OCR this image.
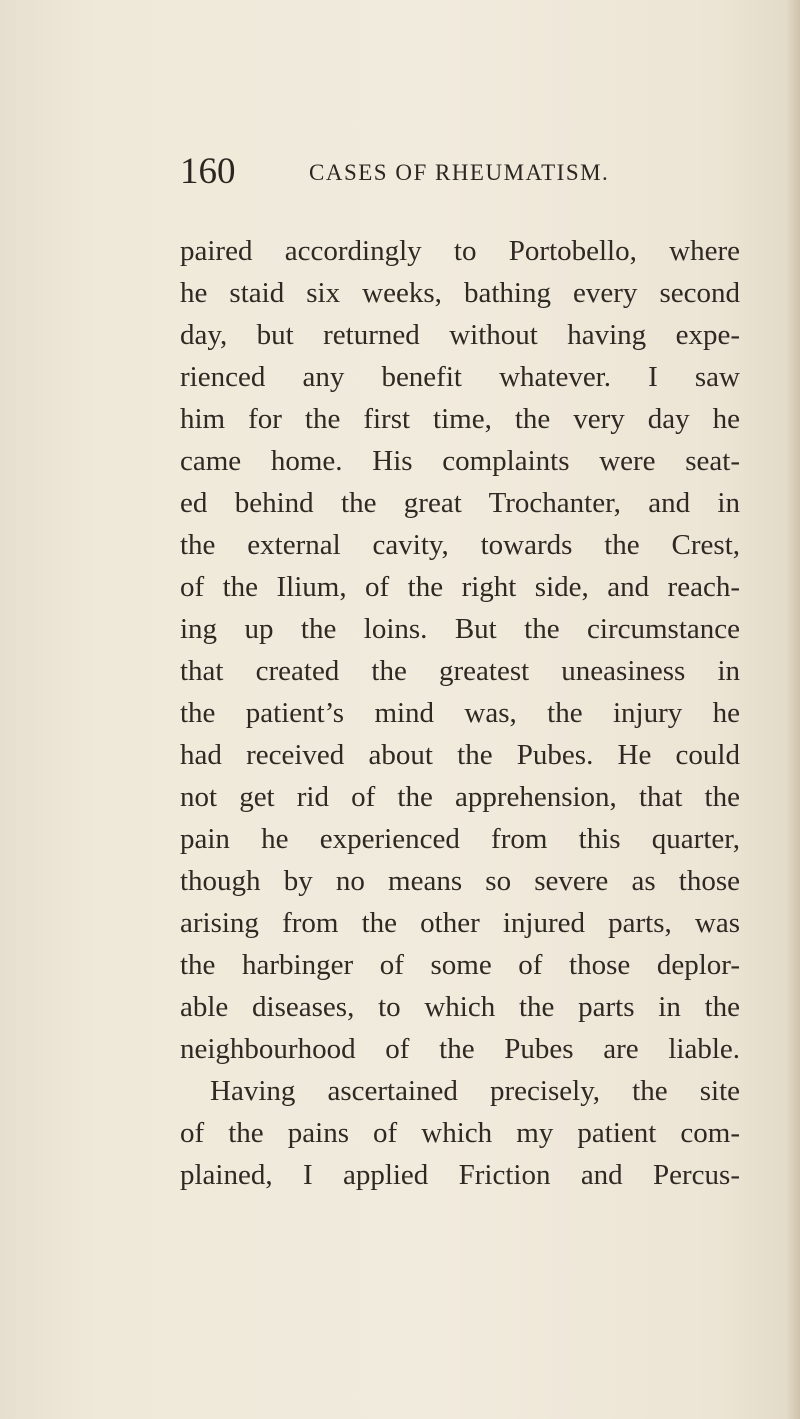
160	CASES OF RHEUMATISM.
paired accordingly to Portobello, where
he staid six weeks, bathing every second
day, but returned without having expe-
rienced any benefit whatever. I saw
him for the first time, the very day he
came home. His complaints were seat-
ed behind the great Trochanter, and in
the external cavity, towards the Crest,
of the Ilium, of the right side, and reach-
ing up the loins. But the circumstance
that created the greatest uneasiness in
the patient’s mind was, the injury he
had received about the Pubes. He could
not get rid of the apprehension, that the
pain he experienced from this quarter,
though by no means so severe as those
arising from the other injured parts, was
the harbinger of some of those deplor-
able diseases, to which the parts in the
neighbourhood of the Pubes are liable.
Having ascertained precisely, the site
of the pains of which my patient com-
plained, I applied Friction and Percus-
